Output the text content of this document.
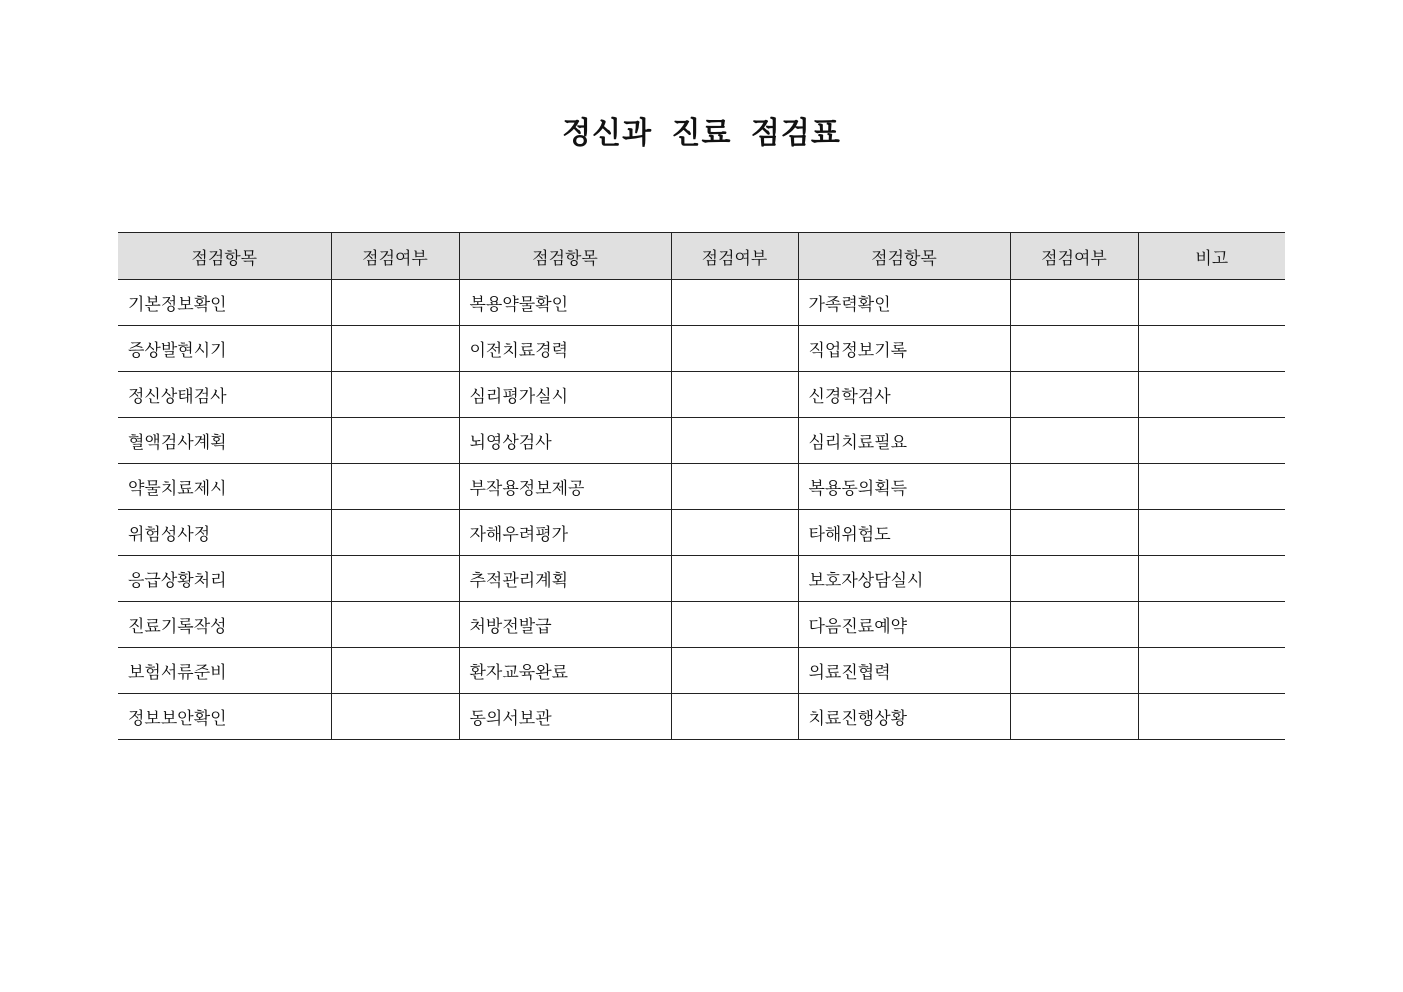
정신과 진료 점검표
점검항목	점검여부	점검항목	점검여부	점검항목	점검여부	비고
기본정보확인		복용약물확인		가족력확인		
증상발현시기		이전치료경력		직업정보기록		
정신상태검사		심리평가실시		신경학검사		
혈액검사계획		뇌영상검사		심리치료필요		
약물치료제시		부작용정보제공		복용동의획득		
위험성사정		자해우려평가		타해위험도		
응급상황처리		추적관리계획		보호자상담실시		
진료기록작성		처방전발급		다음진료예약		
보험서류준비		환자교육완료		의료진협력		
정보보안확인		동의서보관		치료진행상황		
